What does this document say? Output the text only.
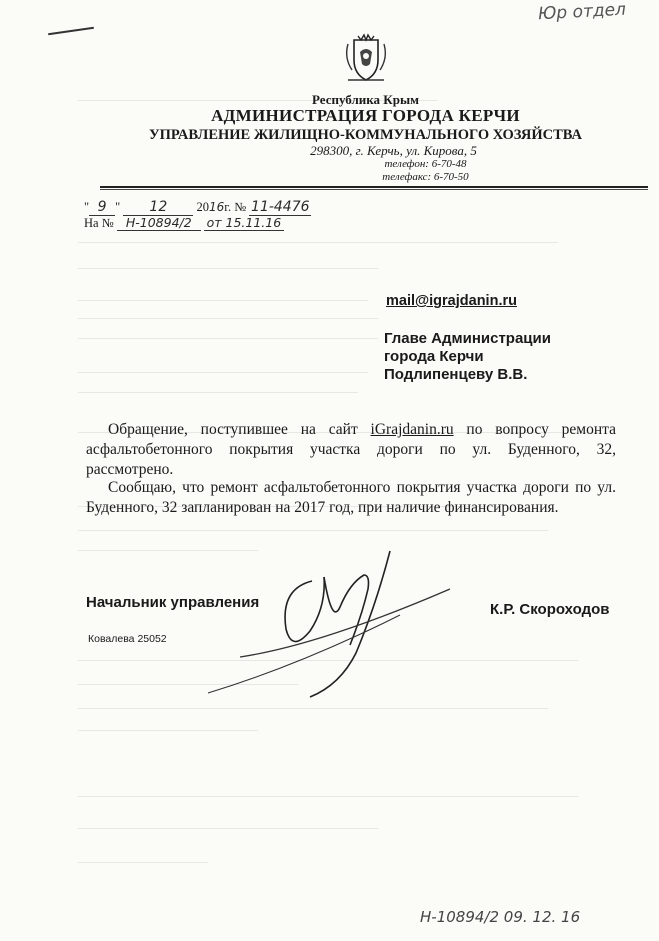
Юр отдел
Республика Крым
АДМИНИСТРАЦИЯ ГОРОДА КЕРЧИ
УПРАВЛЕНИЕ ЖИЛИЩНО-КОММУНАЛЬНОГО ХОЗЯЙСТВА
298300, г. Керчь, ул. Кирова, 5
телефон: 6-70-48
телефакс: 6-70-50
" 9 " 12 2016г. № 11-4476
На № Н-10894/2 от 15.11.16
mail@igrajdanin.ru
Главе Администрации
города Керчи
Подлипенцеву В.В.
Обращение, поступившее на сайт iGrajdanin.ru по вопросу ремонта асфальтобетонного покрытия участка дороги по ул. Буденного, 32, рассмотрено.
Сообщаю, что ремонт асфальтобетонного покрытия участка дороги по ул. Буденного, 32 запланирован на 2017 год, при наличие финансирования.
Начальник управления	К.Р. Скороходов
Ковалева 25052
Н-10894/2 09. 12. 16
